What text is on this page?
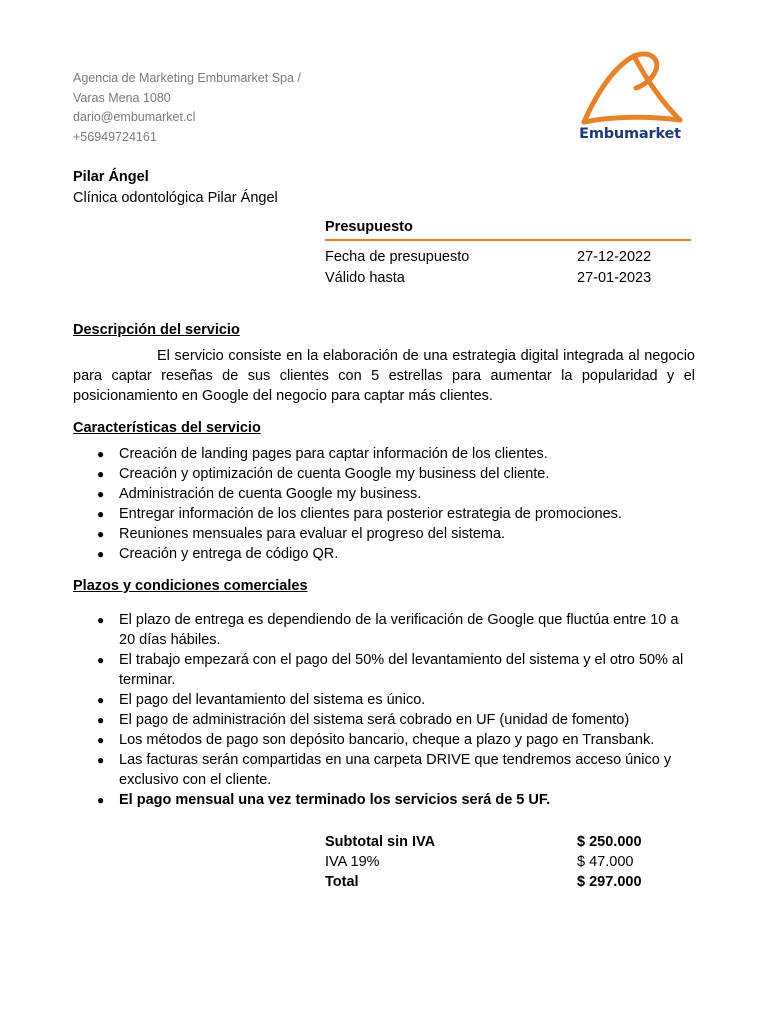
Agencia de Marketing Embumarket Spa /
Varas Mena 1080
dario@embumarket.cl
+56949724161	Embumarket
Pilar Ángel
Clínica odontológica Pilar Ángel
Presupuesto
Fecha de presupuesto	27-12-2022
Válido hasta	27-01-2023
Descripción del servicio
El servicio consiste en la elaboración de una estrategia digital integrada al negocio para captar reseñas de sus clientes con 5 estrellas para aumentar la popularidad y el posicionamiento en Google del negocio para captar más clientes.
Características del servicio
● Creación de landing pages para captar información de los clientes.
● Creación y optimización de cuenta Google my business del cliente.
● Administración de cuenta Google my business.
● Entregar información de los clientes para posterior estrategia de promociones.
● Reuniones mensuales para evaluar el progreso del sistema.
● Creación y entrega de código QR.
Plazos y condiciones comerciales
● El plazo de entrega es dependiendo de la verificación de Google que fluctúa entre 10 a 20 días hábiles.
● El trabajo empezará con el pago del 50% del levantamiento del sistema y el otro 50% al terminar.
● El pago del levantamiento del sistema es único.
● El pago de administración del sistema será cobrado en UF (unidad de fomento)
● Los métodos de pago son depósito bancario, cheque a plazo y pago en Transbank.
● Las facturas serán compartidas en una carpeta DRIVE que tendremos acceso único y exclusivo con el cliente.
● El pago mensual una vez terminado los servicios será de 5 UF.
Subtotal sin IVA	$ 250.000
IVA 19%	$ 47.000
Total	$ 297.000
